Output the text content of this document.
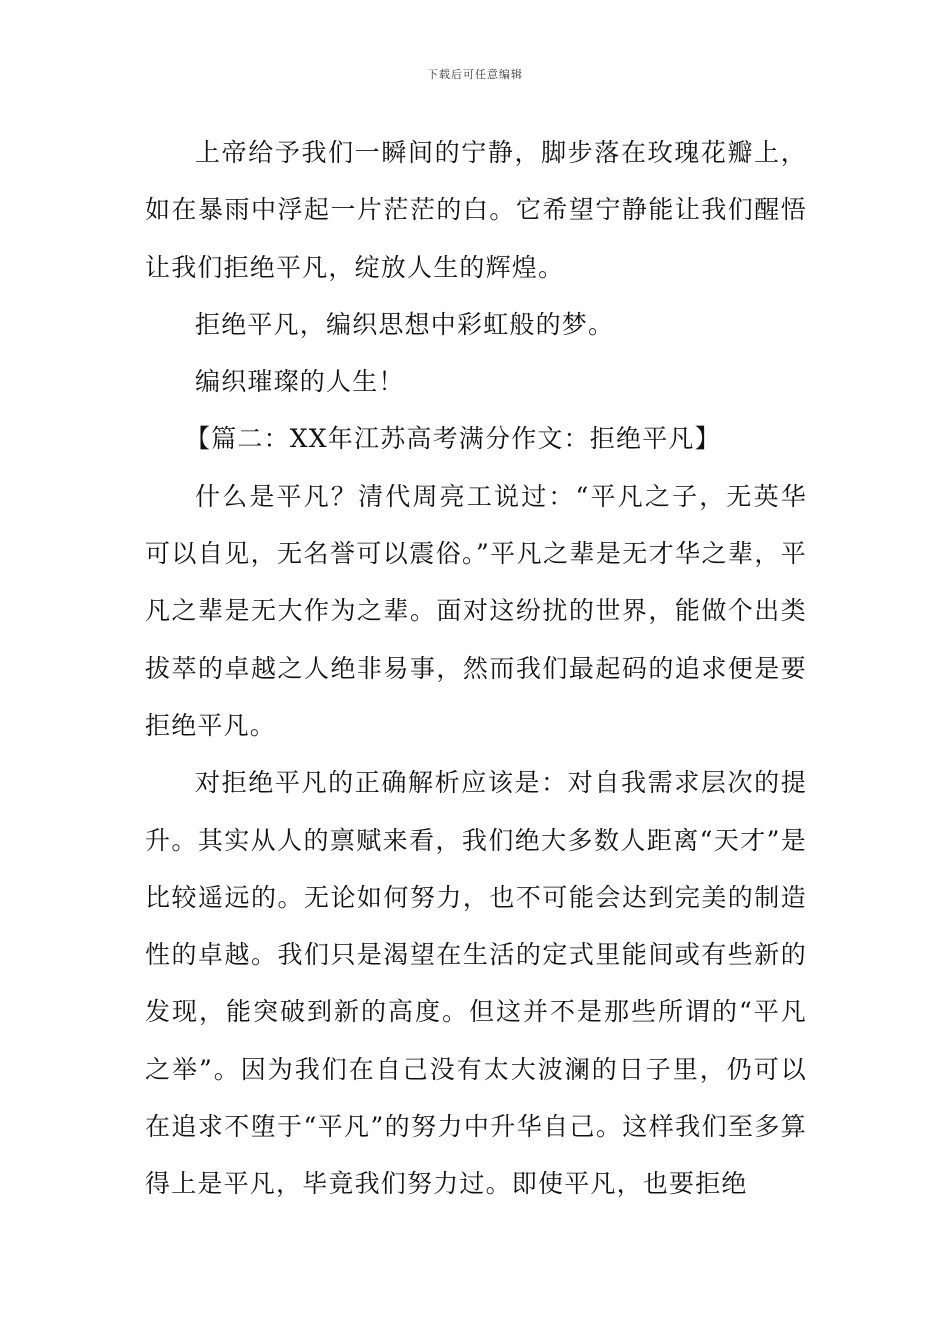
下载后可任意编辑

上帝给予我们一瞬间的宁静，脚步落在玫瑰花瓣上，如在暴雨中浮起一片茫茫的白。它希望宁静能让我们醒悟让我们拒绝平凡，绽放人生的辉煌。

拒绝平凡，编织思想中彩虹般的梦。

编织璀璨的人生！

【篇二：XX年江苏高考满分作文：拒绝平凡】

什么是平凡？清代周亮工说过：“平凡之子，无英华可以自见，无名誉可以震俗。”平凡之辈是无才华之辈，平凡之辈是无大作为之辈。面对这纷扰的世界，能做个出类拔萃的卓越之人绝非易事，然而我们最起码的追求便是要拒绝平凡。

对拒绝平凡的正确解析应该是：对自我需求层次的提升。其实从人的禀赋来看，我们绝大多数人距离“天才”是比较遥远的。无论如何努力，也不可能会达到完美的制造性的卓越。我们只是渴望在生活的定式里能间或有些新的发现，能突破到新的高度。但这并不是那些所谓的“平凡之举”。因为我们在自己没有太大波澜的日子里，仍可以在追求不堕于“平凡”的努力中升华自己。这样我们至多算得上是平凡，毕竟我们努力过。即使平凡，也要拒绝
